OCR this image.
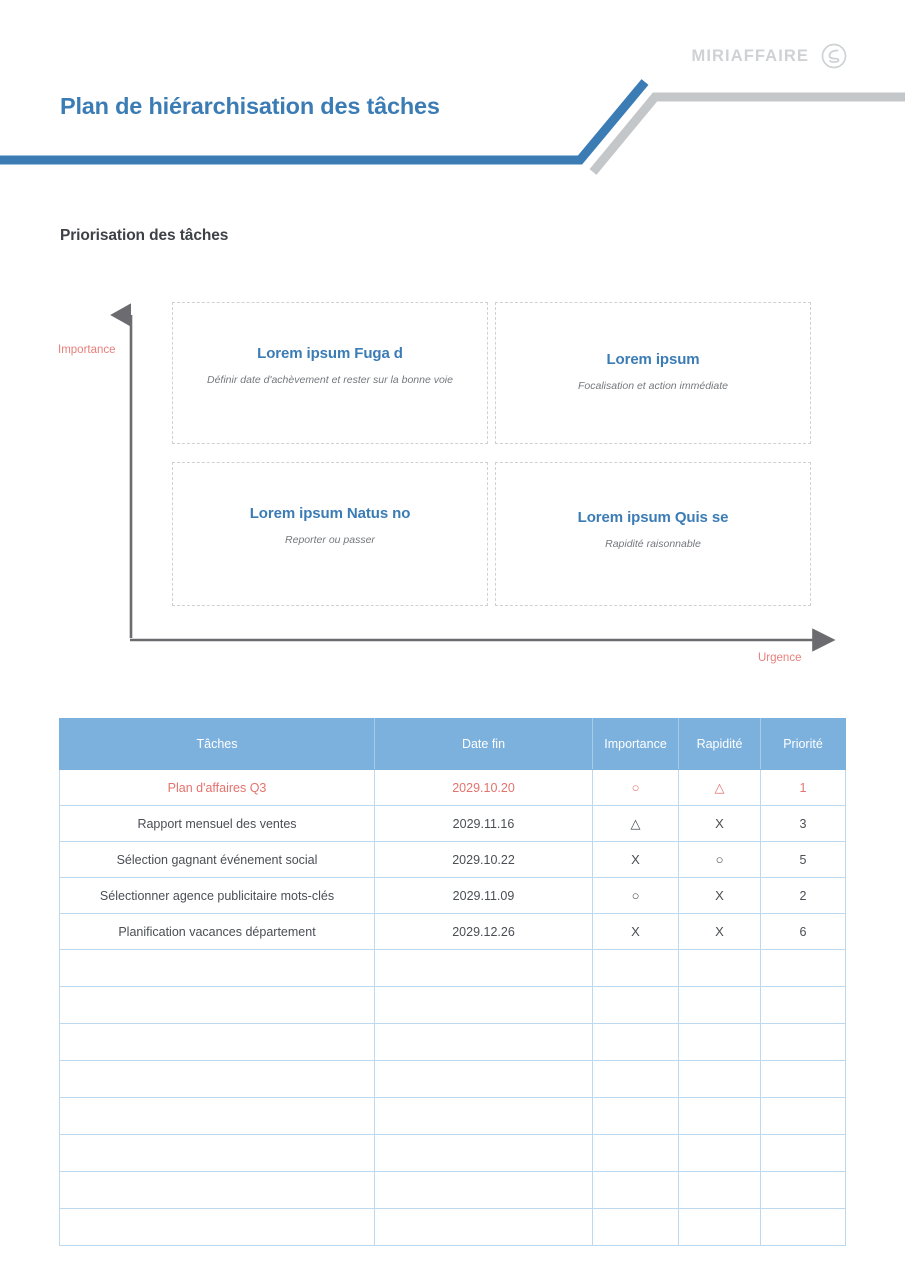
MIRIAFFAIRE
Plan de hiérarchisation des tâches
Priorisation des tâches
Importance
Urgence
Lorem ipsum Fuga d
Définir date d'achèvement et rester sur la bonne voie
Lorem ipsum
Focalisation et action immédiate
Lorem ipsum Natus no
Reporter ou passer
Lorem ipsum Quis se
Rapidité raisonnable
Tâches	Date fin	Importance	Rapidité	Priorité
Plan d'affaires Q3	2029.10.20	○	△	1
Rapport mensuel des ventes	2029.11.16	△	X	3
Sélection gagnant événement social	2029.10.22	X	○	5
Sélectionner agence publicitaire mots-clés	2029.11.09	○	X	2
Planification vacances département	2029.12.26	X	X	6
